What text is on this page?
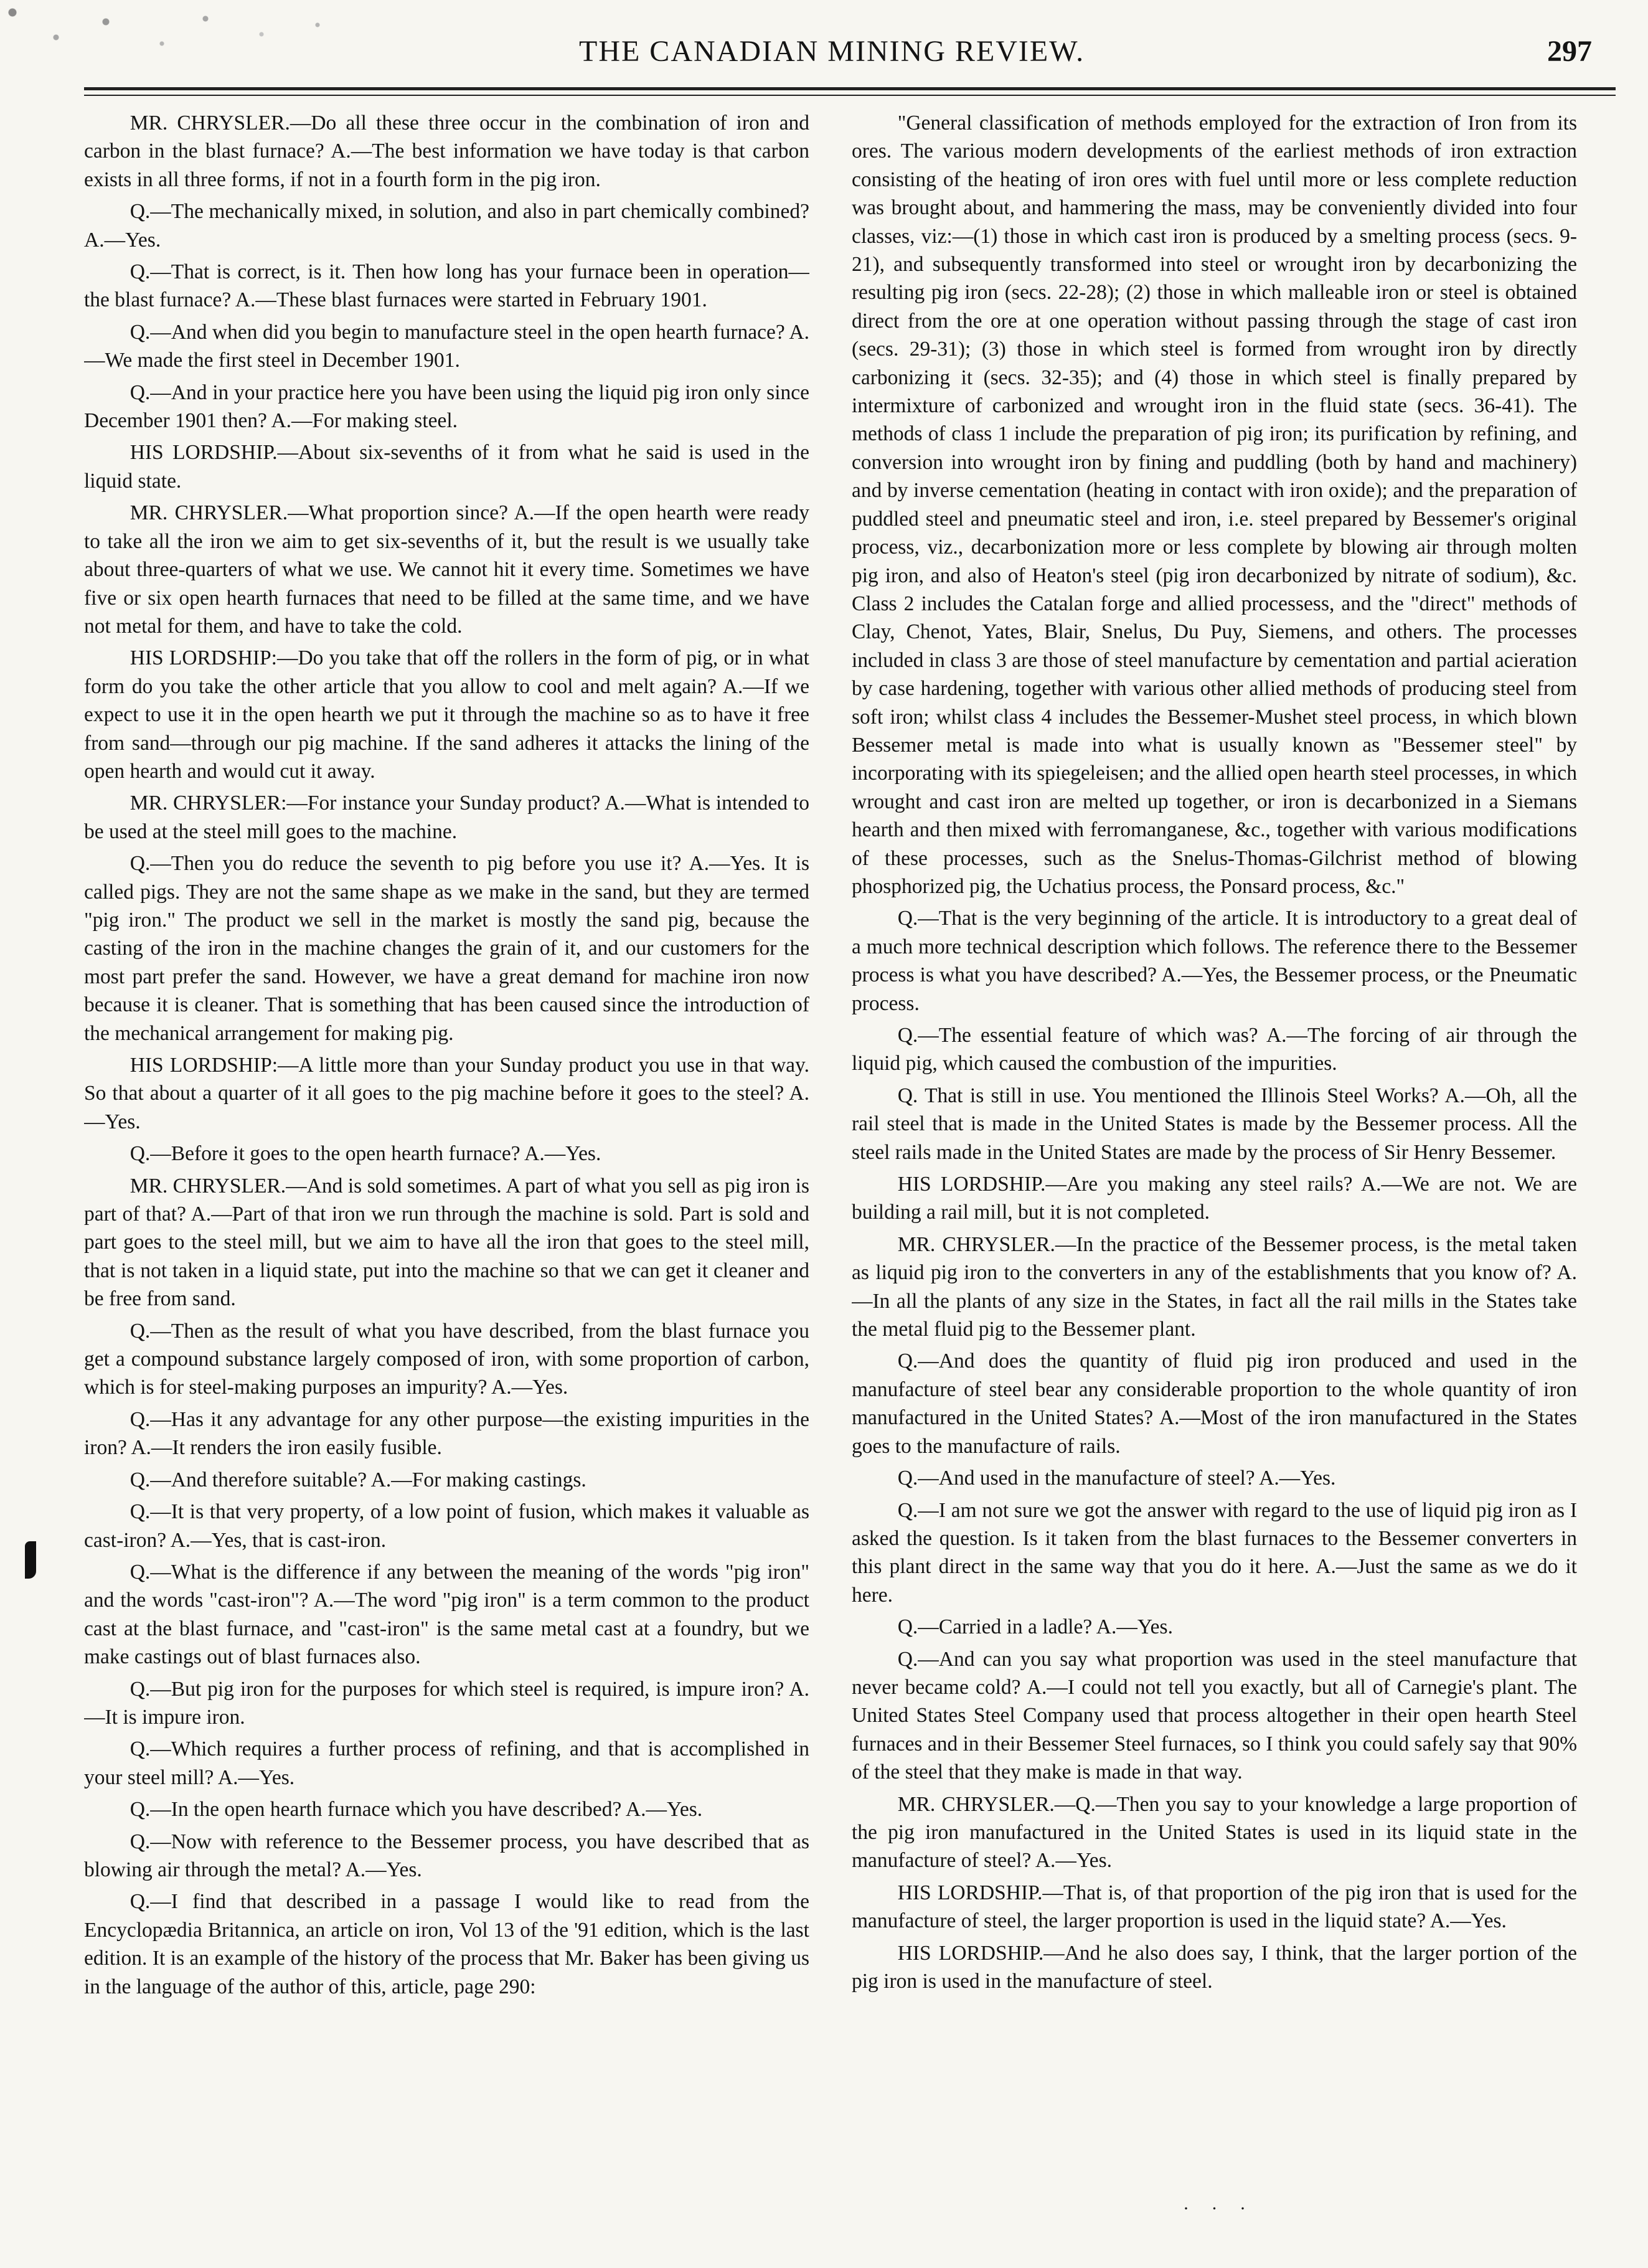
THE CANADIAN MINING REVIEW.	297

MR. CHRYSLER.—Do all these three occur in the combination of iron and carbon in the blast furnace? A.—The best information we have today is that carbon exists in all three forms, if not in a fourth form in the pig iron.

Q.—The mechanically mixed, in solution, and also in part chemically combined? A.—Yes.

Q.—That is correct, is it. Then how long has your furnace been in operation—the blast furnace? A.—These blast furnaces were started in February 1901.

Q.—And when did you begin to manufacture steel in the open hearth furnace? A.—We made the first steel in December 1901.

Q.—And in your practice here you have been using the liquid pig iron only since December 1901 then? A.—For making steel.

HIS LORDSHIP.—About six-sevenths of it from what he said is used in the liquid state.

MR. CHRYSLER.—What proportion since? A.—If the open hearth were ready to take all the iron we aim to get six-sevenths of it, but the result is we usually take about three-quarters of what we use. We cannot hit it every time. Sometimes we have five or six open hearth furnaces that need to be filled at the same time, and we have not metal for them, and have to take the cold.

HIS LORDSHIP:—Do you take that off the rollers in the form of pig, or in what form do you take the other article that you allow to cool and melt again? A.—If we expect to use it in the open hearth we put it through the machine so as to have it free from sand—through our pig machine. If the sand adheres it attacks the lining of the open hearth and would cut it away.

MR. CHRYSLER:—For instance your Sunday product? A.—What is intended to be used at the steel mill goes to the machine.

Q.—Then you do reduce the seventh to pig before you use it? A.—Yes. It is called pigs. They are not the same shape as we make in the sand, but they are termed "pig iron." The product we sell in the market is mostly the sand pig, because the casting of the iron in the machine changes the grain of it, and our customers for the most part prefer the sand. However, we have a great demand for machine iron now because it is cleaner. That is something that has been caused since the introduction of the mechanical arrangement for making pig.

HIS LORDSHIP:—A little more than your Sunday product you use in that way. So that about a quarter of it all goes to the pig machine before it goes to the steel? A.—Yes.

Q.—Before it goes to the open hearth furnace? A.—Yes.

MR. CHRYSLER.—And is sold sometimes. A part of what you sell as pig iron is part of that? A.—Part of that iron we run through the machine is sold. Part is sold and part goes to the steel mill, but we aim to have all the iron that goes to the steel mill, that is not taken in a liquid state, put into the machine so that we can get it cleaner and be free from sand.

Q.—Then as the result of what you have described, from the blast furnace you get a compound substance largely composed of iron, with some proportion of carbon, which is for steel-making purposes an impurity? A.—Yes.

Q.—Has it any advantage for any other purpose—the existing impurities in the iron? A.—It renders the iron easily fusible.

Q.—And therefore suitable? A.—For making castings.

Q.—It is that very property, of a low point of fusion, which makes it valuable as cast-iron? A.—Yes, that is cast-iron.

Q.—What is the difference if any between the meaning of the words "pig iron" and the words "cast-iron"? A.—The word "pig iron" is a term common to the product cast at the blast furnace, and "cast-iron" is the same metal cast at a foundry, but we make castings out of blast furnaces also.

Q.—But pig iron for the purposes for which steel is required, is impure iron? A.—It is impure iron.

Q.—Which requires a further process of refining, and that is accomplished in your steel mill? A.—Yes.

Q.—In the open hearth furnace which you have described? A.—Yes.

Q.—Now with reference to the Bessemer process, you have described that as blowing air through the metal? A.—Yes.

Q.—I find that described in a passage I would like to read from the Encyclopædia Britannica, an article on iron, Vol 13 of the '91 edition, which is the last edition. It is an example of the history of the process that Mr. Baker has been giving us in the language of the author of this, article, page 290:

"General classification of methods employed for the extraction of Iron from its ores. The various modern developments of the earliest methods of iron extraction consisting of the heating of iron ores with fuel until more or less complete reduction was brought about, and hammering the mass, may be conveniently divided into four classes, viz:—(1) those in which cast iron is produced by a smelting process (secs. 9-21), and subsequently transformed into steel or wrought iron by decarbonizing the resulting pig iron (secs. 22-28); (2) those in which malleable iron or steel is obtained direct from the ore at one operation without passing through the stage of cast iron (secs. 29-31); (3) those in which steel is formed from wrought iron by directly carbonizing it (secs. 32-35); and (4) those in which steel is finally prepared by intermixture of carbonized and wrought iron in the fluid state (secs. 36-41). The methods of class 1 include the preparation of pig iron; its purification by refining, and conversion into wrought iron by fining and puddling (both by hand and machinery) and by inverse cementation (heating in contact with iron oxide); and the preparation of puddled steel and pneumatic steel and iron, i.e. steel prepared by Bessemer's original process, viz., decarbonization more or less complete by blowing air through molten pig iron, and also of Heaton's steel (pig iron decarbonized by nitrate of sodium), &c. Class 2 includes the Catalan forge and allied processess, and the "direct" methods of Clay, Chenot, Yates, Blair, Snelus, Du Puy, Siemens, and others. The processes included in class 3 are those of steel manufacture by cementation and partial acieration by case hardening, together with various other allied methods of producing steel from soft iron; whilst class 4 includes the Bessemer-Mushet steel process, in which blown Bessemer metal is made into what is usually known as "Bessemer steel" by incorporating with its spiegeleisen; and the allied open hearth steel processes, in which wrought and cast iron are melted up together, or iron is decarbonized in a Siemans hearth and then mixed with ferromanganese, &c., together with various modifications of these processes, such as the Snelus-Thomas-Gilchrist method of blowing phosphorized pig, the Uchatius process, the Ponsard process, &c."

Q.—That is the very beginning of the article. It is introductory to a great deal of a much more technical description which follows. The reference there to the Bessemer process is what you have described? A.—Yes, the Bessemer process, or the Pneumatic process.

Q.—The essential feature of which was? A.—The forcing of air through the liquid pig, which caused the combustion of the impurities.

Q. That is still in use. You mentioned the Illinois Steel Works? A.—Oh, all the rail steel that is made in the United States is made by the Bessemer process. All the steel rails made in the United States are made by the process of Sir Henry Bessemer.

HIS LORDSHIP.—Are you making any steel rails? A.—We are not. We are building a rail mill, but it is not completed.

MR. CHRYSLER.—In the practice of the Bessemer process, is the metal taken as liquid pig iron to the converters in any of the establishments that you know of? A.—In all the plants of any size in the States, in fact all the rail mills in the States take the metal fluid pig to the Bessemer plant.

Q.—And does the quantity of fluid pig iron produced and used in the manufacture of steel bear any considerable proportion to the whole quantity of iron manufactured in the United States? A.—Most of the iron manufactured in the States goes to the manufacture of rails.

Q.—And used in the manufacture of steel? A.—Yes.

Q.—I am not sure we got the answer with regard to the use of liquid pig iron as I asked the question. Is it taken from the blast furnaces to the Bessemer converters in this plant direct in the same way that you do it here. A.—Just the same as we do it here.

Q.—Carried in a ladle? A.—Yes.

Q.—And can you say what proportion was used in the steel manufacture that never became cold? A.—I could not tell you exactly, but all of Carnegie's plant. The United States Steel Company used that process altogether in their open hearth Steel furnaces and in their Bessemer Steel furnaces, so I think you could safely say that 90% of the steel that they make is made in that way.

MR. CHRYSLER.—Q.—Then you say to your knowledge a large proportion of the pig iron manufactured in the United States is used in its liquid state in the manufacture of steel? A.—Yes.

HIS LORDSHIP.—That is, of that proportion of the pig iron that is used for the manufacture of steel, the larger proportion is used in the liquid state? A.—Yes.

HIS LORDSHIP.—And he also does say, I think, that the larger portion of the pig iron is used in the manufacture of steel.

· · ·
